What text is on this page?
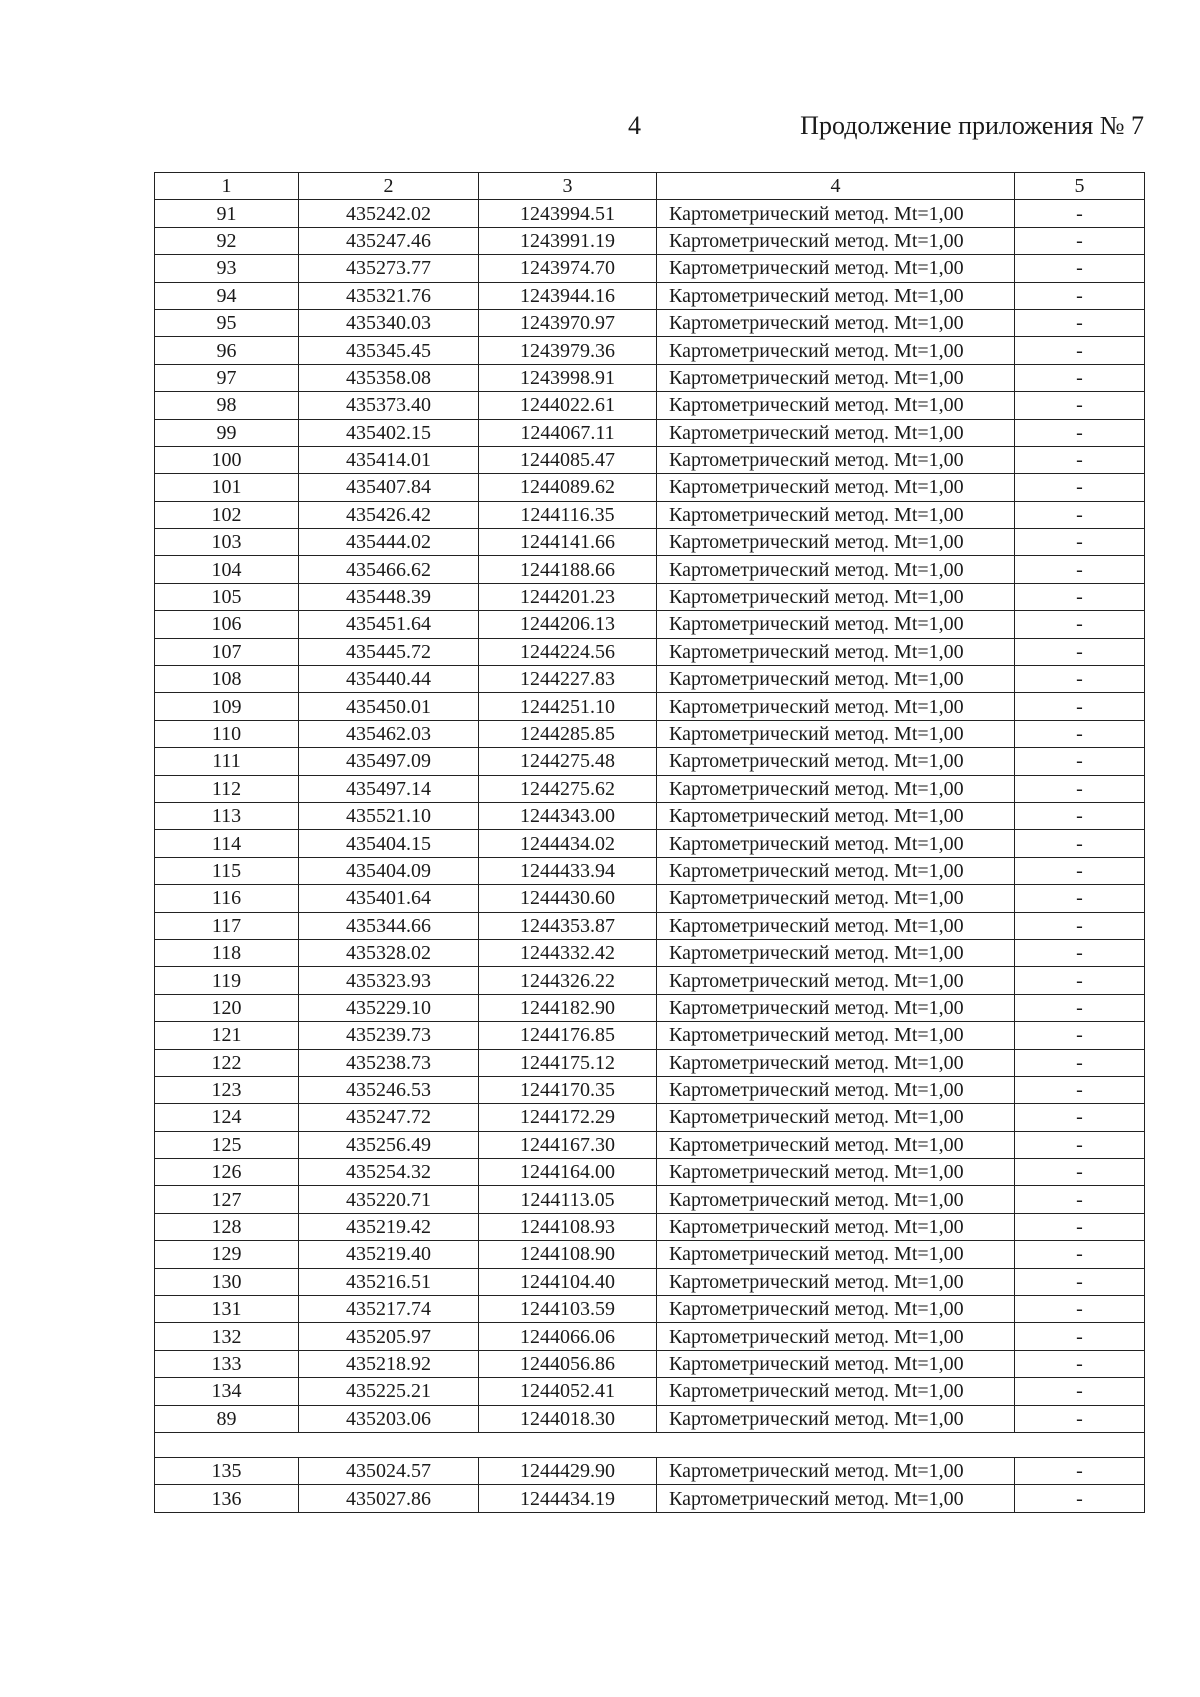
4	Продолжение приложения № 7
1	2	3	4	5
91	435242.02	1243994.51	Картометрический метод. Mt=1,00	-
92	435247.46	1243991.19	Картометрический метод. Mt=1,00	-
93	435273.77	1243974.70	Картометрический метод. Mt=1,00	-
94	435321.76	1243944.16	Картометрический метод. Mt=1,00	-
95	435340.03	1243970.97	Картометрический метод. Mt=1,00	-
96	435345.45	1243979.36	Картометрический метод. Mt=1,00	-
97	435358.08	1243998.91	Картометрический метод. Mt=1,00	-
98	435373.40	1244022.61	Картометрический метод. Mt=1,00	-
99	435402.15	1244067.11	Картометрический метод. Mt=1,00	-
100	435414.01	1244085.47	Картометрический метод. Mt=1,00	-
101	435407.84	1244089.62	Картометрический метод. Mt=1,00	-
102	435426.42	1244116.35	Картометрический метод. Mt=1,00	-
103	435444.02	1244141.66	Картометрический метод. Mt=1,00	-
104	435466.62	1244188.66	Картометрический метод. Mt=1,00	-
105	435448.39	1244201.23	Картометрический метод. Mt=1,00	-
106	435451.64	1244206.13	Картометрический метод. Mt=1,00	-
107	435445.72	1244224.56	Картометрический метод. Mt=1,00	-
108	435440.44	1244227.83	Картометрический метод. Mt=1,00	-
109	435450.01	1244251.10	Картометрический метод. Mt=1,00	-
110	435462.03	1244285.85	Картометрический метод. Mt=1,00	-
111	435497.09	1244275.48	Картометрический метод. Mt=1,00	-
112	435497.14	1244275.62	Картометрический метод. Mt=1,00	-
113	435521.10	1244343.00	Картометрический метод. Mt=1,00	-
114	435404.15	1244434.02	Картометрический метод. Mt=1,00	-
115	435404.09	1244433.94	Картометрический метод. Mt=1,00	-
116	435401.64	1244430.60	Картометрический метод. Mt=1,00	-
117	435344.66	1244353.87	Картометрический метод. Mt=1,00	-
118	435328.02	1244332.42	Картометрический метод. Mt=1,00	-
119	435323.93	1244326.22	Картометрический метод. Mt=1,00	-
120	435229.10	1244182.90	Картометрический метод. Mt=1,00	-
121	435239.73	1244176.85	Картометрический метод. Mt=1,00	-
122	435238.73	1244175.12	Картометрический метод. Mt=1,00	-
123	435246.53	1244170.35	Картометрический метод. Mt=1,00	-
124	435247.72	1244172.29	Картометрический метод. Mt=1,00	-
125	435256.49	1244167.30	Картометрический метод. Mt=1,00	-
126	435254.32	1244164.00	Картометрический метод. Mt=1,00	-
127	435220.71	1244113.05	Картометрический метод. Mt=1,00	-
128	435219.42	1244108.93	Картометрический метод. Mt=1,00	-
129	435219.40	1244108.90	Картометрический метод. Mt=1,00	-
130	435216.51	1244104.40	Картометрический метод. Mt=1,00	-
131	435217.74	1244103.59	Картометрический метод. Mt=1,00	-
132	435205.97	1244066.06	Картометрический метод. Mt=1,00	-
133	435218.92	1244056.86	Картометрический метод. Mt=1,00	-
134	435225.21	1244052.41	Картометрический метод. Mt=1,00	-
89	435203.06	1244018.30	Картометрический метод. Mt=1,00	-

135	435024.57	1244429.90	Картометрический метод. Mt=1,00	-
136	435027.86	1244434.19	Картометрический метод. Mt=1,00	-
